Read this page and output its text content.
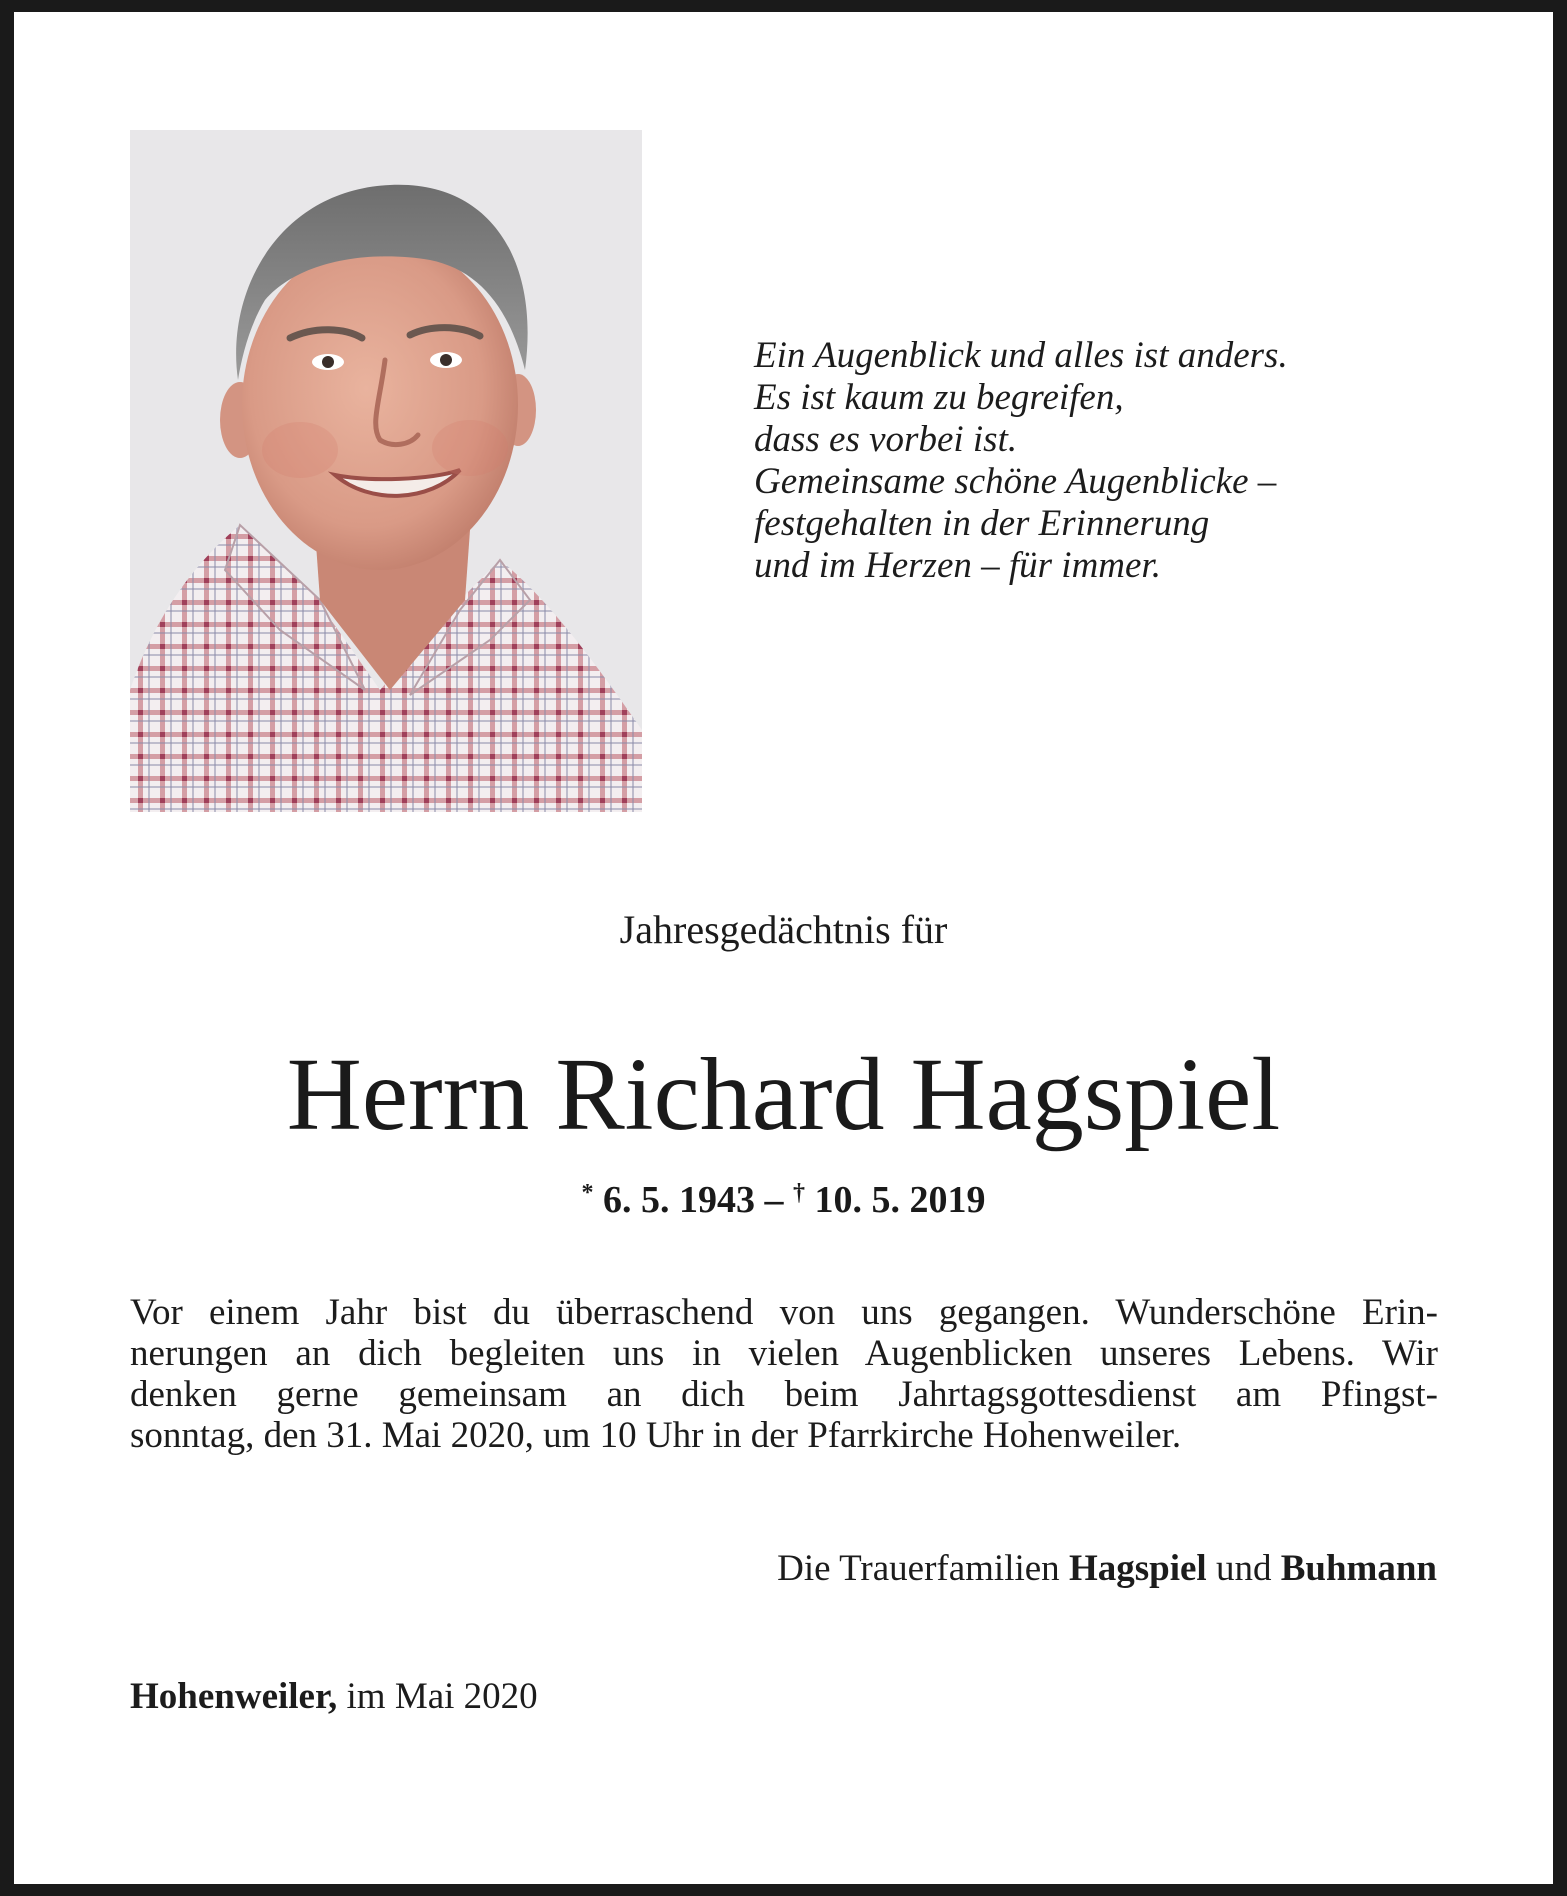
Ein Augenblick und alles ist anders.
Es ist kaum zu begreifen,
dass es vorbei ist.
Gemeinsame schöne Augenblicke –
festgehalten in der Erinnerung
und im Herzen – für immer.
Jahresgedächtnis für
Herrn Richard Hagspiel
* 6. 5. 1943 – † 10. 5. 2019
Vor einem Jahr bist du überraschend von uns gegangen. Wunderschöne Erin-
nerungen an dich begleiten uns in vielen Augenblicken unseres Lebens. Wir
denken gerne gemeinsam an dich beim Jahrtagsgottesdienst am Pfingst-
sonntag, den 31. Mai 2020, um 10 Uhr in der Pfarrkirche Hohenweiler.
Die Trauerfamilien Hagspiel und Buhmann
Hohenweiler, im Mai 2020
